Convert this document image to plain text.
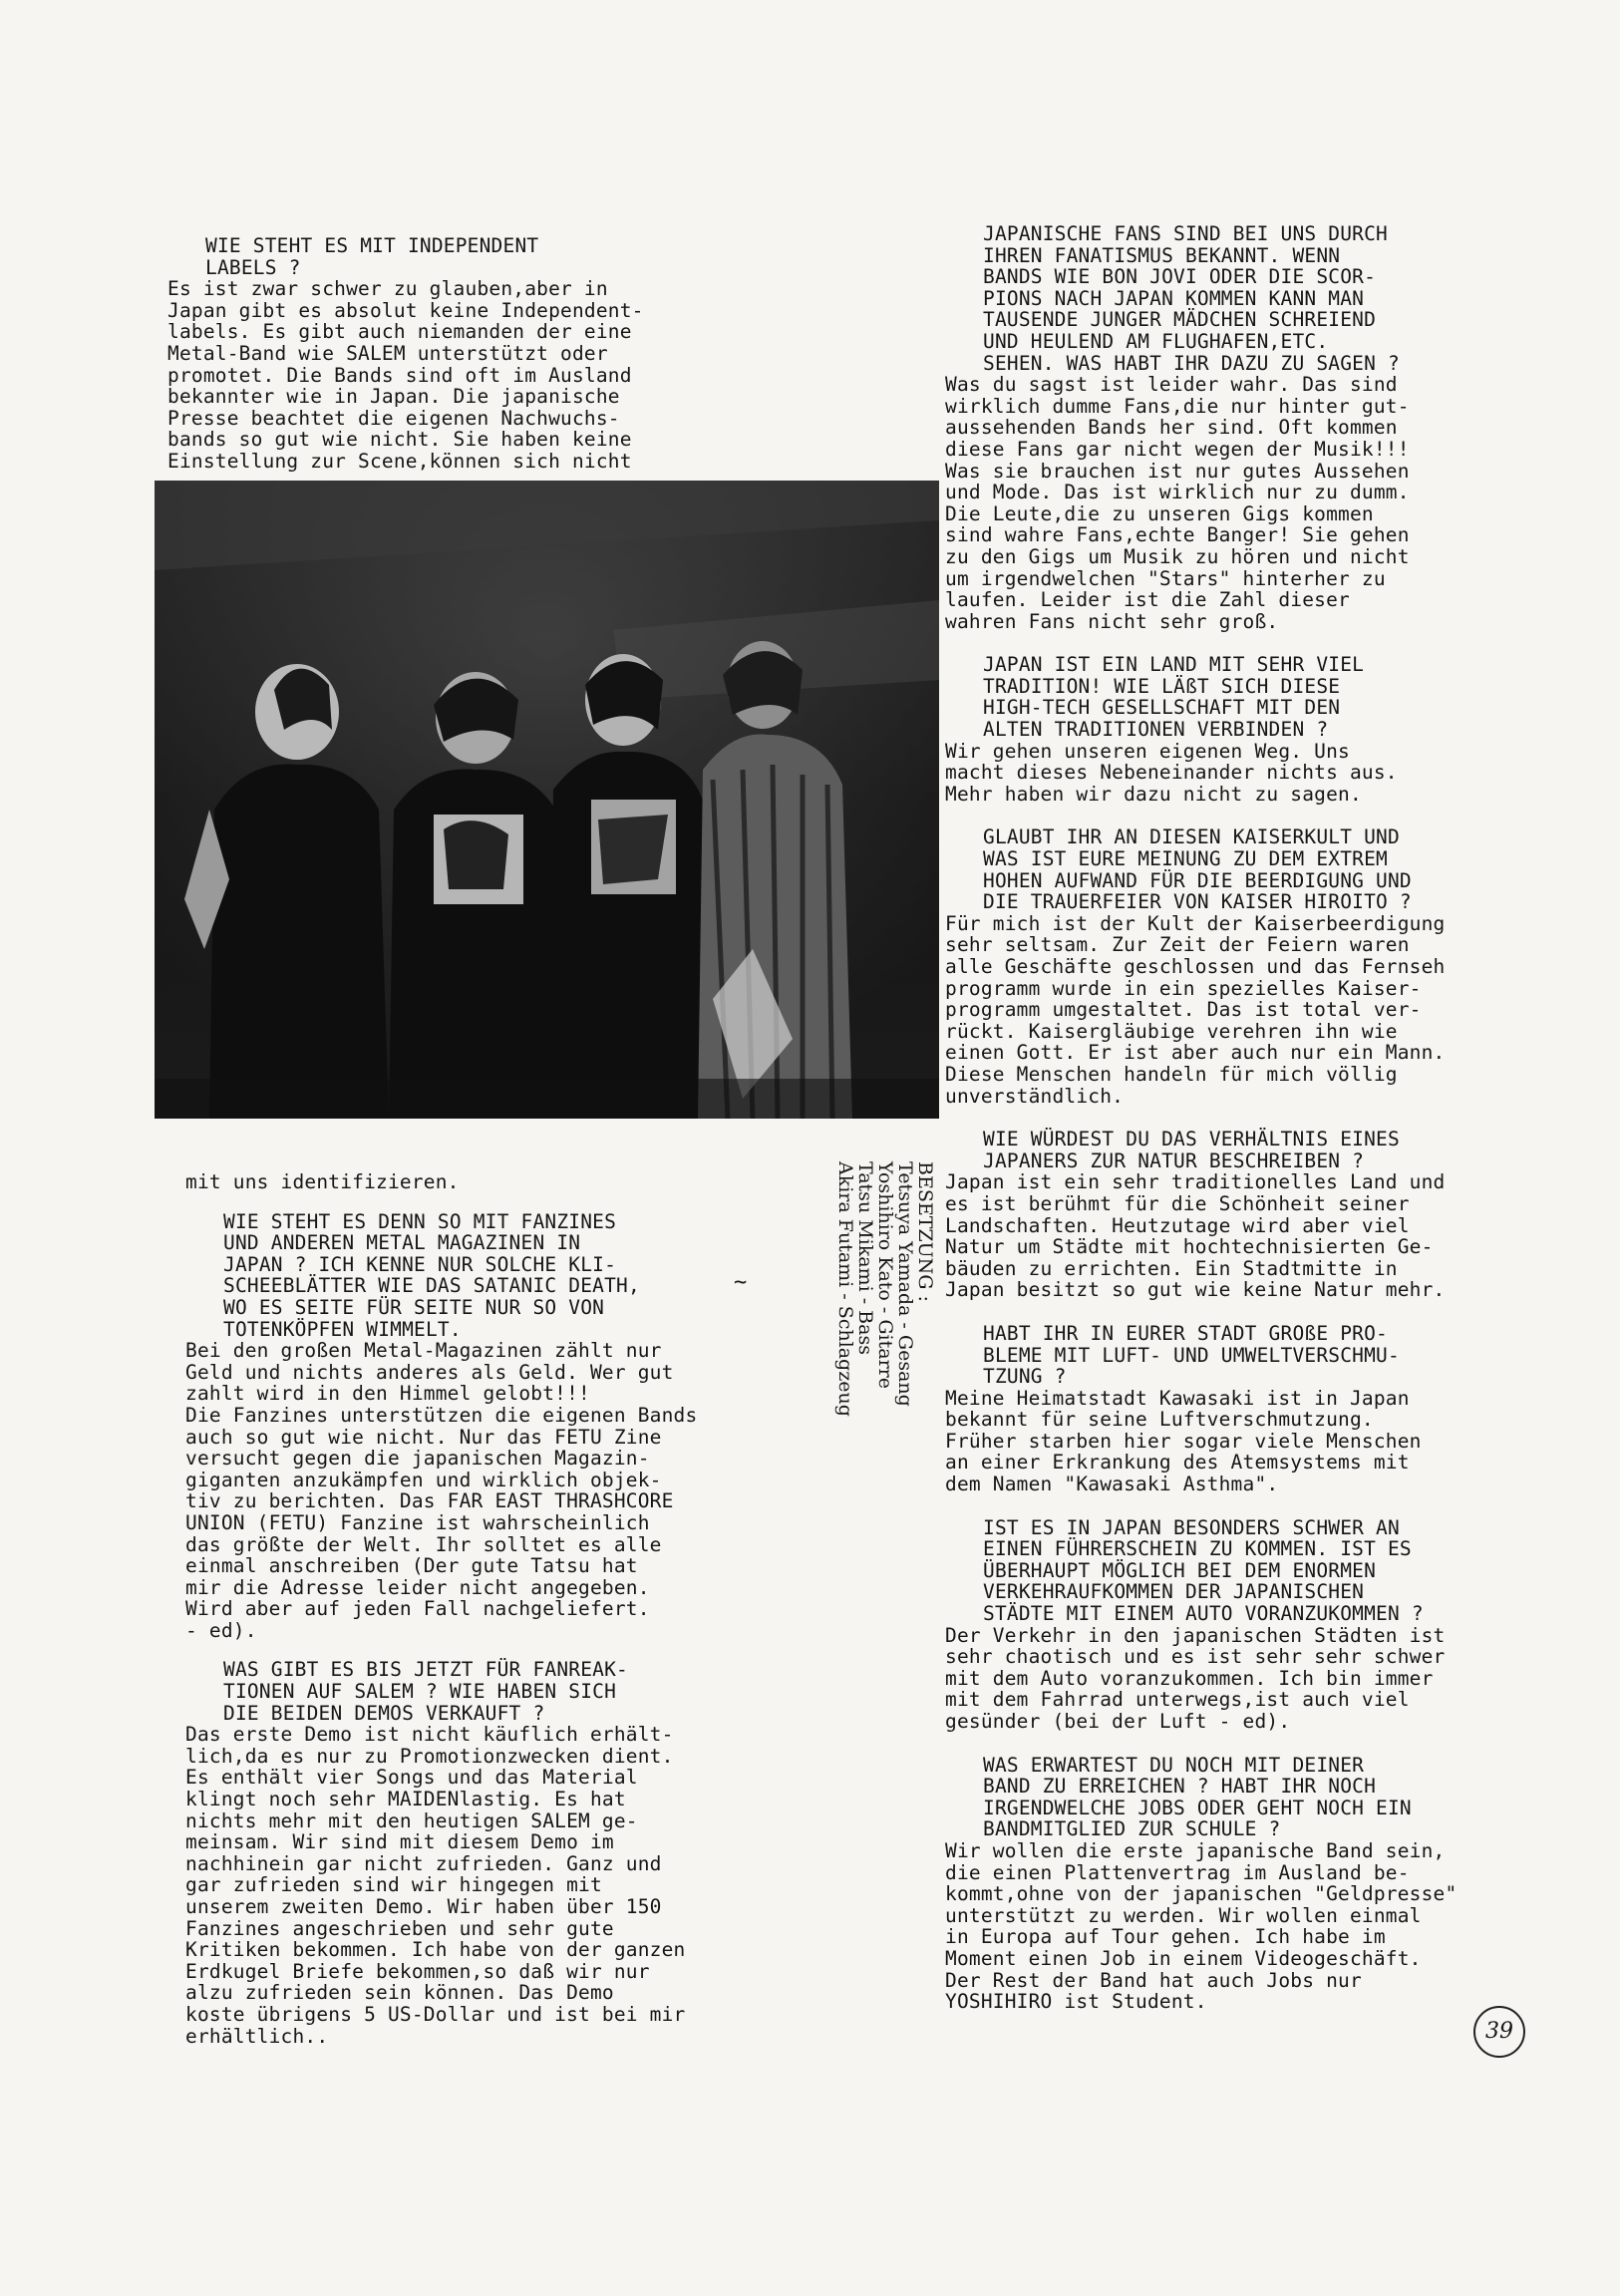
WIE STEHT ES MIT INDEPENDENT

LABELS ?

Es ist zwar schwer zu glauben,aber in

Japan gibt es absolut keine Independent-

labels. Es gibt auch niemanden der eine

Metal-Band wie SALEM unterstützt oder

promotet. Die Bands sind oft im Ausland

bekannter wie in Japan. Die japanische

Presse beachtet die eigenen Nachwuchs-

bands so gut wie nicht. Sie haben keine

Einstellung zur Scene,können sich nicht

mit uns identifizieren.

WIE STEHT ES DENN SO MIT FANZINES

UND ANDEREN METAL MAGAZINEN IN

JAPAN ? ICH KENNE NUR SOLCHE KLI-

SCHEEBLÄTTER WIE DAS SATANIC DEATH,

WO ES SEITE FÜR SEITE NUR SO VON

TOTENKÖPFEN WIMMELT.

Bei den großen Metal-Magazinen zählt nur

Geld und nichts anderes als Geld. Wer gut

zahlt wird in den Himmel gelobt!!!

Die Fanzines unterstützen die eigenen Bands

auch so gut wie nicht. Nur das FETU Zine

versucht gegen die japanischen Magazin-

giganten anzukämpfen und wirklich objek-

tiv zu berichten. Das FAR EAST THRASHCORE

UNION (FETU) Fanzine ist wahrscheinlich

das größte der Welt. Ihr solltet es alle

einmal anschreiben (Der gute Tatsu hat

mir die Adresse leider nicht angegeben.

Wird aber auf jeden Fall nachgeliefert.

- ed).

WAS GIBT ES BIS JETZT FÜR FANREAK-

TIONEN AUF SALEM ? WIE HABEN SICH

DIE BEIDEN DEMOS VERKAUFT ?

Das erste Demo ist nicht käuflich erhält-

lich,da es nur zu Promotionzwecken dient.

Es enthält vier Songs und das Material

klingt noch sehr MAIDENlastig. Es hat

nichts mehr mit den heutigen SALEM ge-

meinsam. Wir sind mit diesem Demo im

nachhinein gar nicht zufrieden. Ganz und

gar zufrieden sind wir hingegen mit

unserem zweiten Demo. Wir haben über 150

Fanzines angeschrieben und sehr gute

Kritiken bekommen. Ich habe von der ganzen

Erdkugel Briefe bekommen,so daß wir nur

alzu zufrieden sein können. Das Demo

koste übrigens 5 US-Dollar und ist bei mir

erhältlich..

~	BESETZUNG :

Tetsuya Yamada - Gesang

Yoshihiro Kato - Gitarre

Tatsu Mikami - Bass

Akira Futami - Schlagzeug

JAPANISCHE FANS SIND BEI UNS DURCH

IHREN FANATISMUS BEKANNT. WENN

BANDS WIE BON JOVI ODER DIE SCOR-

PIONS NACH JAPAN KOMMEN KANN MAN

TAUSENDE JUNGER MÄDCHEN SCHREIEND

UND HEULEND AM FLUGHAFEN,ETC.

SEHEN. WAS HABT IHR DAZU ZU SAGEN ?

Was du sagst ist leider wahr. Das sind

wirklich dumme Fans,die nur hinter gut-

aussehenden Bands her sind. Oft kommen

diese Fans gar nicht wegen der Musik!!!

Was sie brauchen ist nur gutes Aussehen

und Mode. Das ist wirklich nur zu dumm.

Die Leute,die zu unseren Gigs kommen

sind wahre Fans,echte Banger! Sie gehen

zu den Gigs um Musik zu hören und nicht

um irgendwelchen "Stars" hinterher zu

laufen. Leider ist die Zahl dieser

wahren Fans nicht sehr groß.

JAPAN IST EIN LAND MIT SEHR VIEL

TRADITION! WIE LÄßT SICH DIESE

HIGH-TECH GESELLSCHAFT MIT DEN

ALTEN TRADITIONEN VERBINDEN ?

Wir gehen unseren eigenen Weg. Uns

macht dieses Nebeneinander nichts aus.

Mehr haben wir dazu nicht zu sagen.

GLAUBT IHR AN DIESEN KAISERKULT UND

WAS IST EURE MEINUNG ZU DEM EXTREM

HOHEN AUFWAND FÜR DIE BEERDIGUNG UND

DIE TRAUERFEIER VON KAISER HIROITO ?

Für mich ist der Kult der Kaiserbeerdigung

sehr seltsam. Zur Zeit der Feiern waren

alle Geschäfte geschlossen und das Fernseh

programm wurde in ein spezielles Kaiser-

programm umgestaltet. Das ist total ver-

rückt. Kaisergläubige verehren ihn wie

einen Gott. Er ist aber auch nur ein Mann.

Diese Menschen handeln für mich völlig

unverständlich.

WIE WÜRDEST DU DAS VERHÄLTNIS EINES

JAPANERS ZUR NATUR BESCHREIBEN ?

Japan ist ein sehr traditionelles Land und

es ist berühmt für die Schönheit seiner

Landschaften. Heutzutage wird aber viel

Natur um Städte mit hochtechnisierten Ge-

bäuden zu errichten. Ein Stadtmitte in

Japan besitzt so gut wie keine Natur mehr.

HABT IHR IN EURER STADT GROßE PRO-

BLEME MIT LUFT- UND UMWELTVERSCHMU-

TZUNG ?

Meine Heimatstadt Kawasaki ist in Japan

bekannt für seine Luftverschmutzung.

Früher starben hier sogar viele Menschen

an einer Erkrankung des Atemsystems mit

dem Namen "Kawasaki Asthma".

IST ES IN JAPAN BESONDERS SCHWER AN

EINEN FÜHRERSCHEIN ZU KOMMEN. IST ES

ÜBERHAUPT MÖGLICH BEI DEM ENORMEN

VERKEHRAUFKOMMEN DER JAPANISCHEN

STÄDTE MIT EINEM AUTO VORANZUKOMMEN ?

Der Verkehr in den japanischen Städten ist

sehr chaotisch und es ist sehr sehr schwer

mit dem Auto voranzukommen. Ich bin immer

mit dem Fahrrad unterwegs,ist auch viel

gesünder (bei der Luft - ed).

WAS ERWARTEST DU NOCH MIT DEINER

BAND ZU ERREICHEN ? HABT IHR NOCH

IRGENDWELCHE JOBS ODER GEHT NOCH EIN

BANDMITGLIED ZUR SCHULE ?

Wir wollen die erste japanische Band sein,

die einen Plattenvertrag im Ausland be-

kommt,ohne von der japanischen "Geldpresse"

unterstützt zu werden. Wir wollen einmal

in Europa auf Tour gehen. Ich habe im

Moment einen Job in einem Videogeschäft.

Der Rest der Band hat auch Jobs nur

YOSHIHIRO ist Student.

39
